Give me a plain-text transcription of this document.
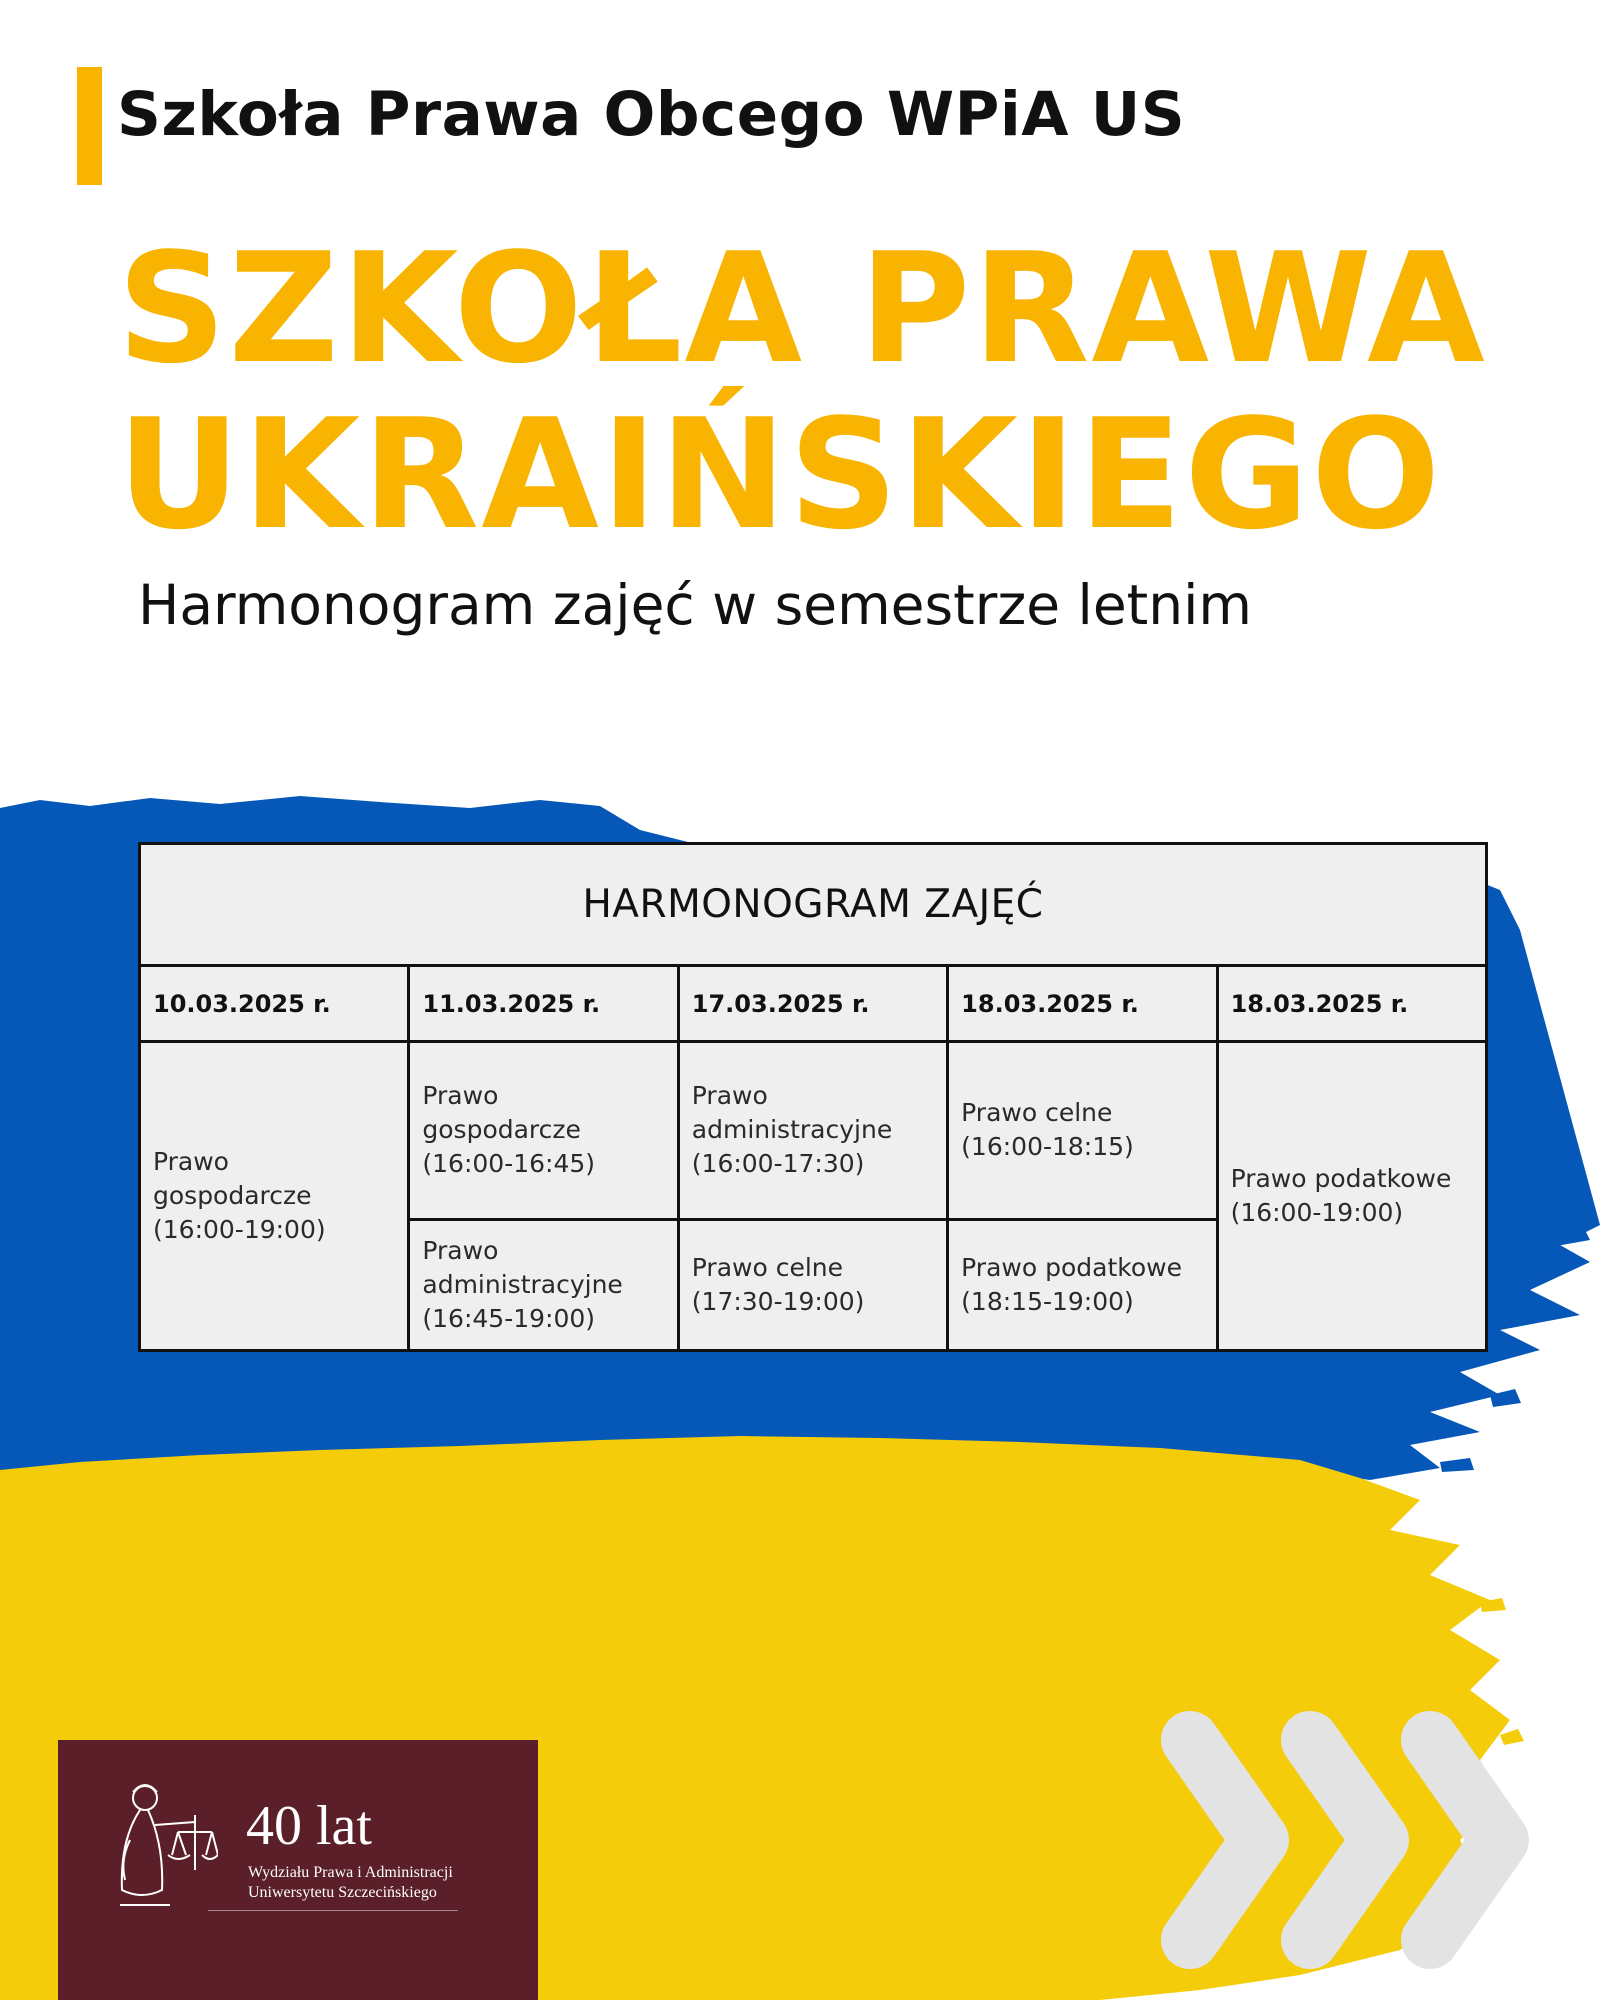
Szkoła Prawa Obcego WPiA US
SZKOŁA PRAWA
UKRAIŃSKIEGO
Harmonogram zajęć w semestrze letnim
HARMONOGRAM ZAJĘĆ				
10.03.2025 r.	11.03.2025 r.	17.03.2025 r.	18.03.2025 r.	18.03.2025 r.

Prawo
gospodarcze
(16:00-19:00)	Prawo
gospodarcze
(16:00-16:45)	Prawo
administracyjne
(16:00-17:30)	Prawo celne
(16:00-18:15)	Prawo podatkowe
(16:00-19:00)

	Prawo
administracyjne
(16:45-19:00)	Prawo celne
(17:30-19:00)	Prawo podatkowe
(18:15-19:00)	
40 lat
Wydziału Prawa i Administracji
Uniwersytetu Szczecińskiego
